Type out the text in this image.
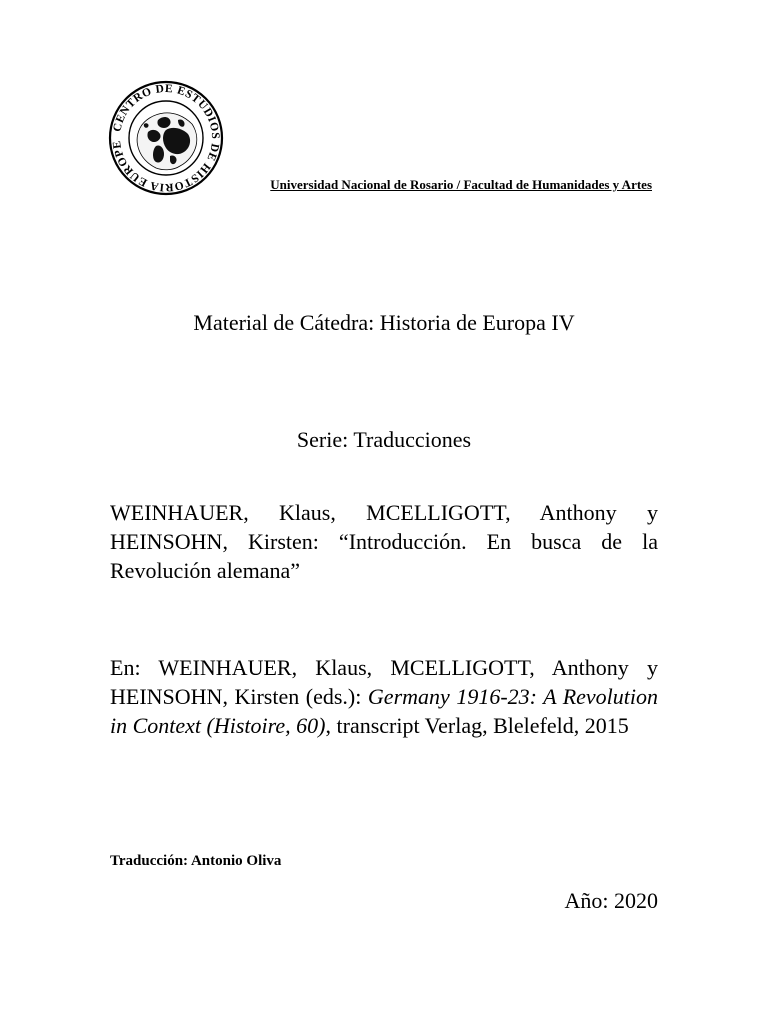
CENTRO DE ESTUDIOS DE HISTORIA EUROPE
Universidad Nacional de Rosario / Facultad de Humanidades y Artes
Material de Cátedra: Historia de Europa IV
Serie: Traducciones
WEINHAUER, Klaus, MCELLIGOTT, Anthony y HEINSOHN, Kirsten: “Introducción. En busca de la Revolución alemana”
En: WEINHAUER, Klaus, MCELLIGOTT, Anthony y HEINSOHN, Kirsten (eds.): Germany 1916-23: A Revolution in Context (Histoire, 60), transcript Verlag, Blelefeld, 2015
Traducción: Antonio Oliva
Año: 2020
